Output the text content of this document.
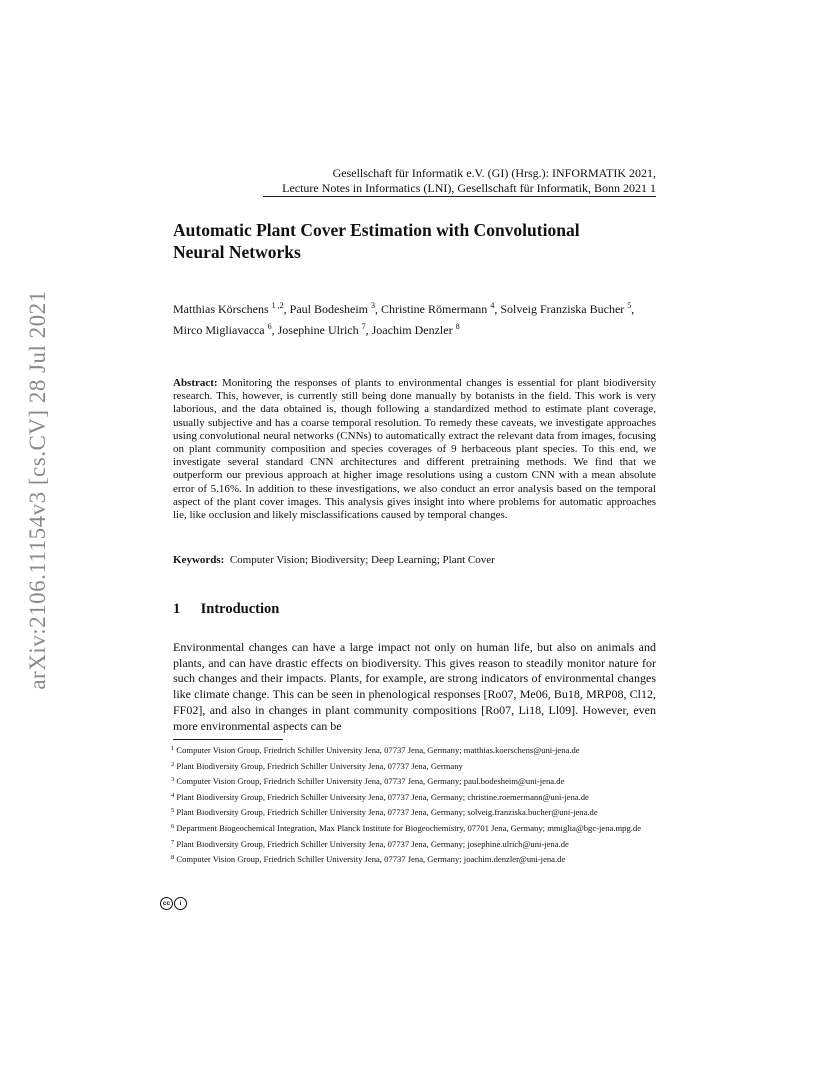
arXiv:2106.11154v3 [cs.CV] 28 Jul 2021
Gesellschaft für Informatik e.V. (GI) (Hrsg.): INFORMATIK 2021,
Lecture Notes in Informatics (LNI), Gesellschaft für Informatik, Bonn 2021 1
Automatic Plant Cover Estimation with Convolutional
Neural Networks
Matthias Körschens $^{1 ,2}$, Paul Bodesheim $^3$, Christine Römermann $^4$, Solveig Franziska Bucher $^5$, Mirco Migliavacca $^6$, Josephine Ulrich $^7$, Joachim Denzler $^8$
Abstract: Monitoring the responses of plants to environmental changes is essential for plant biodiversity research. This, however, is currently still being done manually by botanists in the field. This work is very laborious, and the data obtained is, though following a standardized method to estimate plant coverage, usually subjective and has a coarse temporal resolution. To remedy these caveats, we investigate approaches using convolutional neural networks (CNNs) to automatically extract the relevant data from images, focusing on plant community composition and species coverages of 9 herbaceous plant species. To this end, we investigate several standard CNN architectures and different pretraining methods. We find that we outperform our previous approach at higher image resolutions using a custom CNN with a mean absolute error of 5.16%. In addition to these investigations, we also conduct an error analysis based on the temporal aspect of the plant cover images. This analysis gives insight into where problems for automatic approaches lie, like occlusion and likely misclassifications caused by temporal changes.
Keywords: Computer Vision; Biodiversity; Deep Learning; Plant Cover
1 Introduction
Environmental changes can have a large impact not only on human life, but also on animals and plants, and can have drastic effects on biodiversity. This gives reason to steadily monitor nature for such changes and their impacts. Plants, for example, are strong indicators of environmental changes like climate change. This can be seen in phenological responses [Ro07, Me06, Bu18, MRP08, Cl12, FF02], and also in changes in plant community compositions [Ro07, Li18, Ll09]. However, even more environmental aspects can be
$^1$ Computer Vision Group, Friedrich Schiller University Jena, 07737 Jena, Germany; matthias.koerschens@uni-jena.de
$^2$ Plant Biodiversity Group, Friedrich Schiller University Jena, 07737 Jena, Germany
$^3$ Computer Vision Group, Friedrich Schiller University Jena, 07737 Jena, Germany; paul.bodesheim@uni-jena.de
$^4$ Plant Biodiversity Group, Friedrich Schiller University Jena, 07737 Jena, Germany; christine.roemermann@uni-jena.de
$^5$ Plant Biodiversity Group, Friedrich Schiller University Jena, 07737 Jena, Germany; solveig.franziska.bucher@uni-jena.de
$^6$ Department Biogeochemical Integration, Max Planck Institute for Biogeochemistry, 07701 Jena, Germany; mmiglia@bgc-jena.mpg.de
$^7$ Plant Biodiversity Group, Friedrich Schiller University Jena, 07737 Jena, Germany; josephine.ulrich@uni-jena.de
$^8$ Computer Vision Group, Friedrich Schiller University Jena, 07737 Jena, Germany; joachim.denzler@uni-jena.de
cc	i
